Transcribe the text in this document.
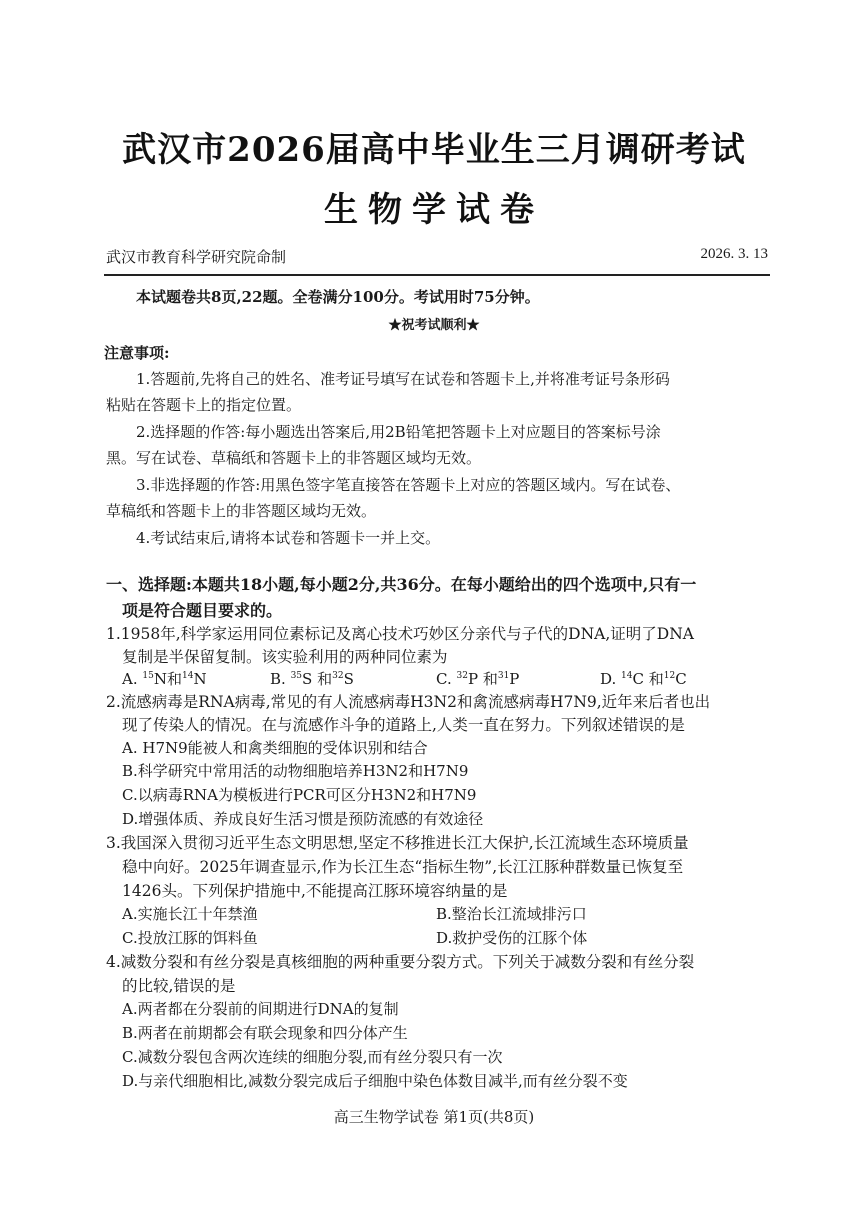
武汉市2026届高中毕业生三月调研考试
生物学试卷
武汉市教育科学研究院命制	2026. 3. 13
本试题卷共8页,22题。全卷满分100分。考试用时75分钟。
★祝考试顺利★
注意事项:
1.答题前,先将自己的姓名、准考证号填写在试卷和答题卡上,并将准考证号条形码
粘贴在答题卡上的指定位置。
2.选择题的作答:每小题选出答案后,用2B铅笔把答题卡上对应题目的答案标号涂
黑。写在试卷、草稿纸和答题卡上的非答题区域均无效。
3.非选择题的作答:用黑色签字笔直接答在答题卡上对应的答题区域内。写在试卷、
草稿纸和答题卡上的非答题区域均无效。
4.考试结束后,请将本试卷和答题卡一并上交。
一、选择题:本题共18小题,每小题2分,共36分。在每小题给出的四个选项中,只有一
项是符合题目要求的。
1.1958年,科学家运用同位素标记及离心技术巧妙区分亲代与子代的DNA,证明了DNA
复制是半保留复制。该实验利用的两种同位素为
A. $^{15}$N和$^{14}$N	B. $^{35}$S 和$^{32}$S	C. $^{32}$P 和$^{31}$P	D. $^{14}$C 和$^{12}$C
2.流感病毒是RNA病毒,常见的有人流感病毒H3N2和禽流感病毒H7N9,近年来后者也出
现了传染人的情况。在与流感作斗争的道路上,人类一直在努力。下列叙述错误的是
A. H7N9能被人和禽类细胞的受体识别和结合
B.科学研究中常用活的动物细胞培养H3N2和H7N9
C.以病毒RNA为模板进行PCR可区分H3N2和H7N9
D.增强体质、养成良好生活习惯是预防流感的有效途径
3.我国深入贯彻习近平生态文明思想,坚定不移推进长江大保护,长江流域生态环境质量
稳中向好。2025年调查显示,作为长江生态“指标生物”,长江江豚种群数量已恢复至
1426头。下列保护措施中,不能提高江豚环境容纳量的是
A.实施长江十年禁渔	B.整治长江流域排污口
C.投放江豚的饵料鱼	D.救护受伤的江豚个体
4.减数分裂和有丝分裂是真核细胞的两种重要分裂方式。下列关于减数分裂和有丝分裂
的比较,错误的是
A.两者都在分裂前的间期进行DNA的复制
B.两者在前期都会有联会现象和四分体产生
C.减数分裂包含两次连续的细胞分裂,而有丝分裂只有一次
D.与亲代细胞相比,减数分裂完成后子细胞中染色体数目减半,而有丝分裂不变
高三生物学试卷 第1页(共8页)
